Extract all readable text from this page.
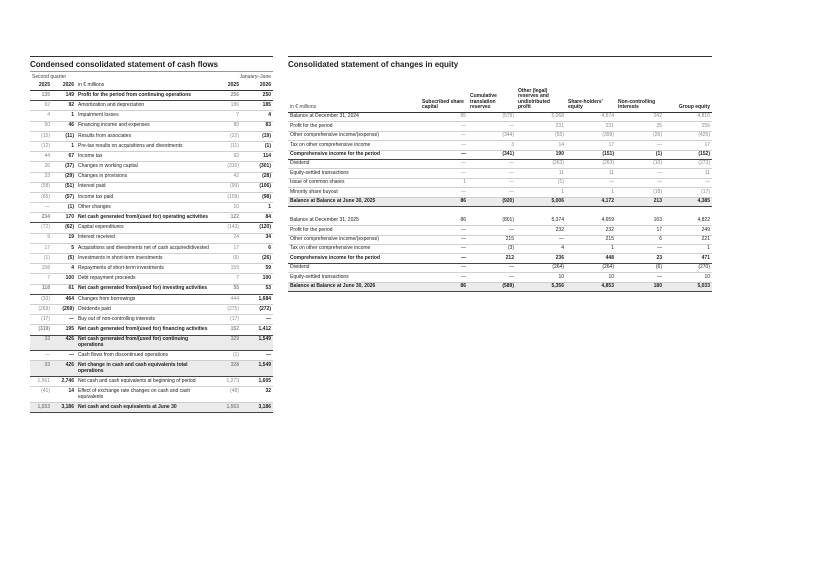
Condensed consolidated statement of cash flows
Second quarter			January–June	
2025	2026	in € millions	2025	2026
135	149	Profit for the period from continuing operations	256	250
92	92	Amortization and depreciation	186	185
4	1	Impairment losses	7	4
50	46	Financing income and expenses	80	83
(15)	(11)	Results from associates	(22)	(19)
(12)	1	Pre-tax results on acquisitions and divestments	(11)	(1)
44	67	Income tax	92	114
26	(37)	Changes in working capital	(310)	(301)
33	(29)	Changes in provisions	42	(28)
(58)	(51)	Interest paid	(99)	(106)
(65)	(57)	Income tax paid	(109)	(98)
—	(1)	Other changes	10	1
234	170	Net cash generated from/(used for) operating activities	122	84
(72)	(62)	Capital expenditures	(143)	(120)
9	19	Interest received	24	34
17	5	Acquisitions and divestments net of cash acquired/divested	17	6
(1)	(5)	Investments in short-term investments	(9)	(26)
158	4	Repayments of short-term investments	159	59
7	100	Debt repayment proceeds	7	100
118	61	Net cash generated from/(used for) investing activities	55	53
(33)	464	Changes from borrowings	444	1,684
(269)	(269)	Dividends paid	(275)	(272)
(17)	—	Buy out of non-controlling interests	(17)	—
(319)	195	Net cash generated from/(used for) financing activities	152	1,412
33	426	Net cash generated from/(used for) continuing operations	329	1,549
—	—	Cash flows from discontinued operations	(1)	—
33	426	Net change in cash and cash equivalents total operations	328	1,549
1,561	2,746	Net cash and cash equivalents at beginning of period	1,273	1,605
(41)	14	Effect of exchange rate changes on cash and cash equivalents	(48)	32
1,553	3,186	Net cash and cash equivalents at June 30	1,553	3,186
Consolidated statement of changes in equity
in € millions	Subscribed share capital	Cumulative translation reserves	Other (legal) reserves and undistributed profit	Share-holders' equity	Non-controlling interests	Group equity
Balance at December 31, 2024	85	(579)	5,068	4,574	242	4,816
Profit for the period	—	—	231	231	25	256
Other comprehensive income/(expense)	—	(344)	(55)	(399)	(26)	(425)
Tax on other comprehensive income	—	3	14	17	—	17
Comprehensive income for the period	—	(341)	190	(151)	(1)	(152)
Dividend	—	—	(263)	(263)	(10)	(273)
Equity-settled transactions	—	—	11	11	—	11
Issue of common shares	1	—	(1)	—	—	—
Minority share buyout	—	—	1	1	(18)	(17)
Balance at Balance at June 30, 2025	86	(920)	5,006	4,172	213	4,385

Balance at December 31, 2025	86	(801)	5,374	4,659	163	4,822
Profit for the period	—	—	232	232	17	249
Other comprehensive income/(expense)	—	215	—	215	6	221
Tax on other comprehensive income	—	(3)	4	1	—	1
Comprehensive income for the period	—	212	236	448	23	471
Dividend	—	—	(264)	(264)	(6)	(270)
Equity-settled transactions	—	—	10	10	—	10
Balance at Balance at June 30, 2026	86	(589)	5,356	4,853	180	5,033
